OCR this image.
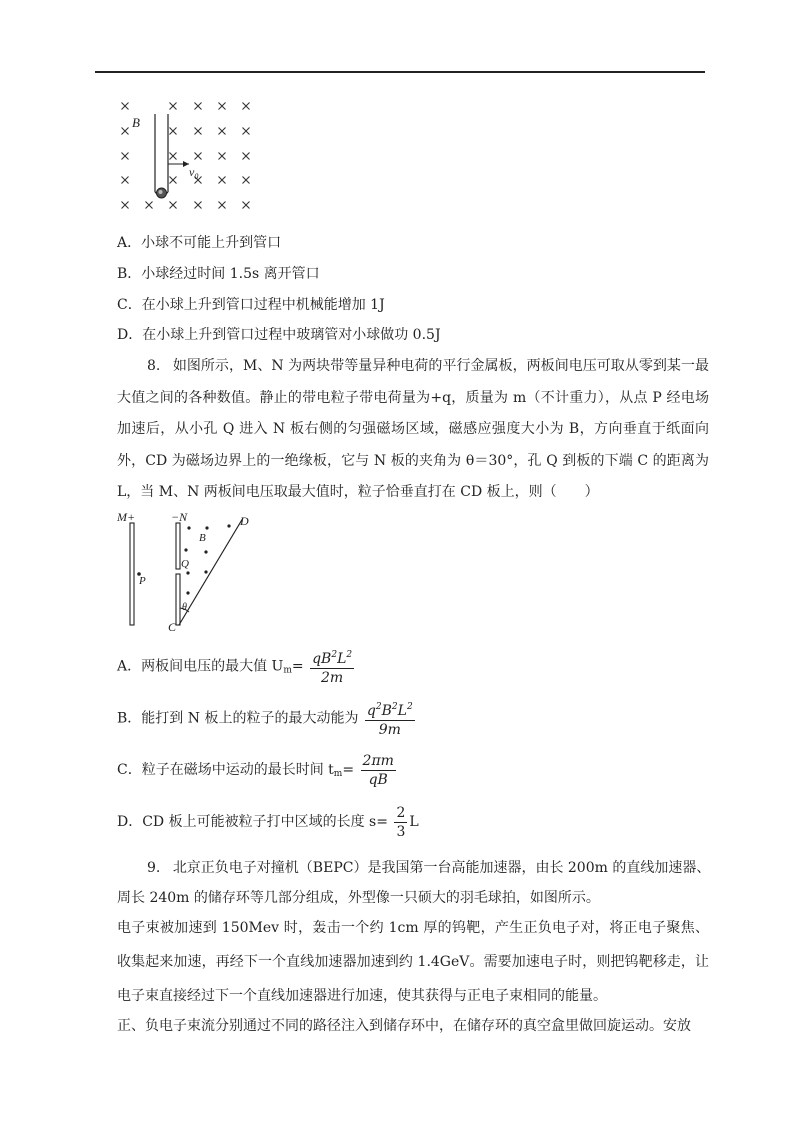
B
$v_0$
A．小球不可能上升到管口
B．小球经过时间 1.5s 离开管口
C．在小球上升到管口过程中机械能增加 1J
D．在小球上升到管口过程中玻璃管对小球做功 0.5J
8. 如图所示，M、N 为两块带等量异种电荷的平行金属板，两板间电压可取从零到某一最大值之间的各种数值。静止的带电粒子带电荷量为+q，质量为 m（不计重力），从点 P 经电场加速后，从小孔 Q 进入 N 板右侧的匀强磁场区域，磁感应强度大小为 B，方向垂直于纸面向外，CD 为磁场边界上的一绝缘板，它与 N 板的夹角为 θ＝30°，孔 Q 到板的下端 C 的距离为 L，当 M、N 两板间电压取最大值时，粒子恰垂直打在 CD 板上，则（　　）
M+	−N
B
P
Q
θ
C
D
A．两板间电压的最大值 $U_m= \frac{qB^2L^2}{2m}$
B．能打到 N 板上的粒子的最大动能为 $\frac{q^2B^2L^2}{9m}$
C．粒子在磁场中运动的最长时间 $t_m= \frac{2\pi m}{qB}$
D．CD 板上可能被粒子打中区域的长度 $s= \frac{2}{3}$ L
9. 北京正负电子对撞机（BEPC）是我国第一台高能加速器，由长 200m 的直线加速器、
周长 240m 的储存环等几部分组成，外型像一只硕大的羽毛球拍，如图所示。
电子束被加速到 150Mev 时，轰击一个约 1cm 厚的钨靶，产生正负电子对，将正电子聚焦、收集起来加速，再经下一个直线加速器加速到约 1.4GeV。需要加速电子时，则把钨靶移走，让电子束直接经过下一个直线加速器进行加速，使其获得与正电子束相同的能量。
正、负电子束流分别通过不同的路径注入到储存环中，在储存环的真空盒里做回旋运动。安放
